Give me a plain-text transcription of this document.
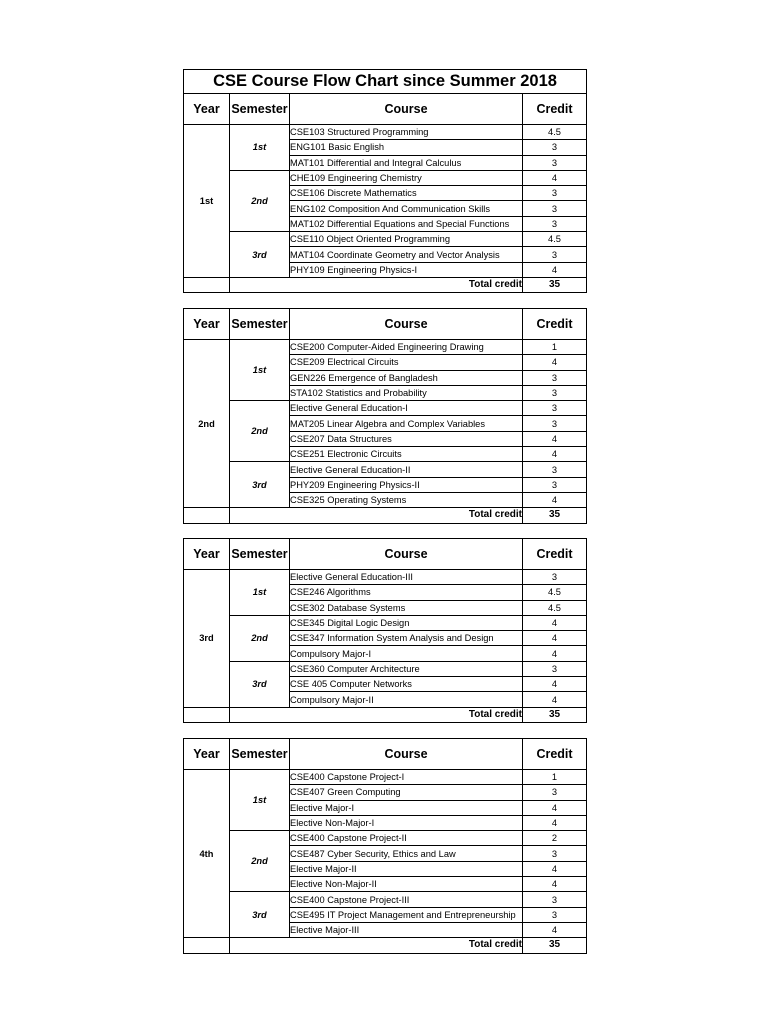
CSE Course Flow Chart since Summer 2018			
Year	Semester	Course	Credit
1st	1st	CSE103 Structured Programming	4.5
		ENG101 Basic English	3
		MAT101 Differential and Integral Calculus	3
	2nd	CHE109 Engineering Chemistry	4
		CSE106 Discrete Mathematics	3
		ENG102 Composition And Communication Skills	3
		MAT102 Differential Equations and Special Functions	3
	3rd	CSE110 Object Oriented Programming	4.5
		MAT104 Coordinate Geometry and Vector Analysis	3
		PHY109 Engineering Physics-I	4
	Total credit		35
Year	Semester	Course	Credit
2nd	1st	CSE200 Computer-Aided Engineering Drawing	1
		CSE209 Electrical Circuits	4
		GEN226 Emergence of Bangladesh	3
		STA102 Statistics and Probability	3
	2nd	Elective General Education-I	3
		MAT205 Linear Algebra and Complex Variables	3
		CSE207 Data Structures	4
		CSE251 Electronic Circuits	4
	3rd	Elective General Education-II	3
		PHY209 Engineering Physics-II	3
		CSE325 Operating Systems	4
	Total credit		35
Year	Semester	Course	Credit
3rd	1st	Elective General Education-III	3
		CSE246 Algorithms	4.5
		CSE302 Database Systems	4.5
	2nd	CSE345 Digital Logic Design	4
		CSE347 Information System Analysis and Design	4
		Compulsory Major-I	4
	3rd	CSE360 Computer Architecture	3
		CSE 405 Computer Networks	4
		Compulsory Major-II	4
	Total credit		35
Year	Semester	Course	Credit
4th	1st	CSE400 Capstone Project-I	1
		CSE407 Green Computing	3
		Elective Major-I	4
		Elective Non-Major-I	4
	2nd	CSE400 Capstone Project-II	2
		CSE487 Cyber Security, Ethics and Law	3
		Elective Major-II	4
		Elective Non-Major-II	4
	3rd	CSE400 Capstone Project-III	3
		CSE495 IT Project Management and Entrepreneurship	3
		Elective Major-III	4
	Total credit		35
